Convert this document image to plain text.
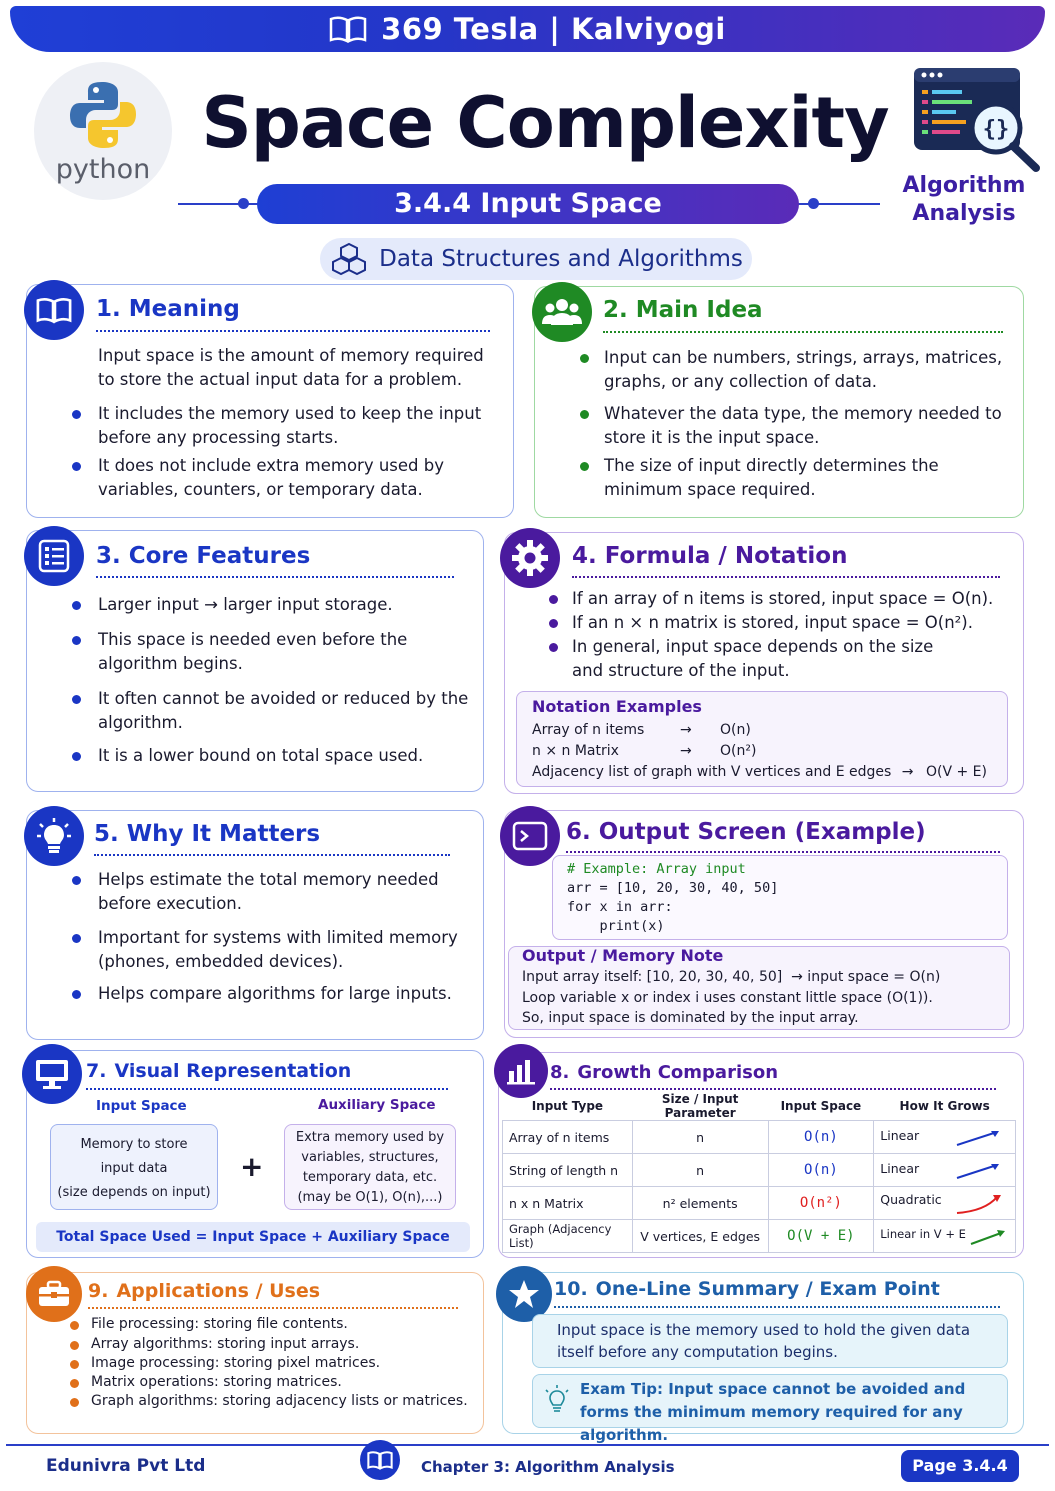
369 Tesla | Kalviyogi
python
Space Complexity
3.4.4 Input Space
Data Structures and Algorithms
{}
Algorithm Analysis
1. Meaning
Input space is the amount of memory required to store the actual input data for a problem.
It includes the memory used to keep the input before any processing starts.
It does not include extra memory used by variables, counters, or temporary data.
2. Main Idea
Input can be numbers, strings, arrays, matrices, graphs, or any collection of data.
Whatever the data type, the memory needed to store it is the input space.
The size of input directly determines the minimum space required.
3. Core Features
Larger input → larger input storage.
This space is needed even before the algorithm begins.
It often cannot be avoided or reduced by the algorithm.
It is a lower bound on total space used.
4. Formula / Notation
If an array of n items is stored, input space = O(n).
If an n × n matrix is stored, input space = O(n²).
In general, input space depends on the size and structure of the input.
Notation Examples
Array of n items	→ O(n)
n × n Matrix	→ O(n²)
Adjacency list of graph with V vertices and E edges → O(V + E)
5. Why It Matters
Helps estimate the total memory needed before execution.
Important for systems with limited memory (phones, embedded devices).
Helps compare algorithms for large inputs.
6. Output Screen (Example)
# Example: Array input
arr = [10, 20, 30, 40, 50]
for x in arr:
print(x)
Output / Memory Note
Input array itself: [10, 20, 30, 40, 50]  → input space = O(n)
Loop variable x or index i uses constant little space (O(1)).
So, input space is dominated by the input array.
7. Visual Representation
Input Space
Memory to store
input data
(size depends on input)
+
Auxiliary Space
Extra memory used by
variables, structures,
temporary data, etc.
(may be O(1), O(n),...)
Total Space Used = Input Space + Auxiliary Space
8. Growth Comparison
Input Type	Size / Input Parameter	Input Space	How It Grows
Array of n items	n	O(n)	Linear

String of length n	n	O(n)	Linear

n x n Matrix	n² elements	O(n²)	Quadratic

Graph (Adjacency List)	V vertices, E edges	O(V + E)	Linear in V + E
9. Applications / Uses
File processing: storing file contents.
Array algorithms: storing input arrays.
Image processing: storing pixel matrices.
Matrix operations: storing matrices.
Graph algorithms: storing adjacency lists or matrices.
10. One-Line Summary / Exam Point
Input space is the memory used to hold the given data itself before any computation begins.
Exam Tip: Input space cannot be avoided and forms the minimum memory required for any algorithm.
Edunivra Pvt Ltd	Chapter 3: Algorithm Analysis	Page 3.4.4
